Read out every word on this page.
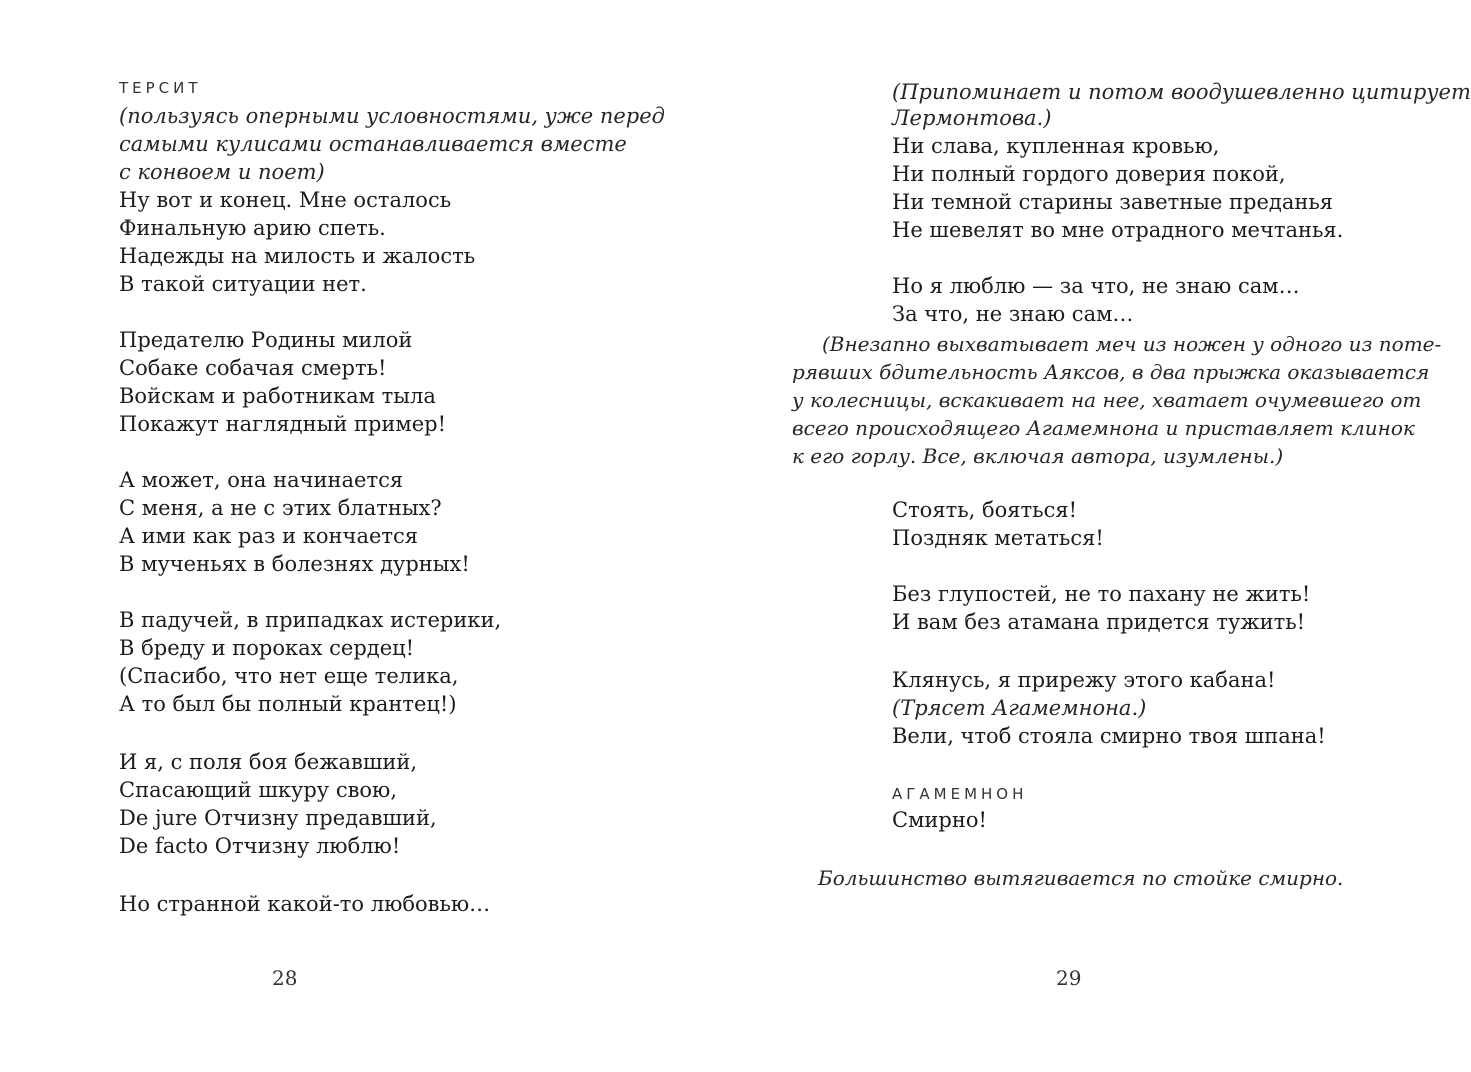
ТЕРСИТ
(пользуясь оперными условностями, уже перед
самыми кулисами останавливается вместе
с конвоем и поет)
Ну вот и конец. Мне осталось
Финальную арию спеть.
Надежды на милость и жалость
В такой ситуации нет.
Предателю Родины милой
Собаке собачая смерть!
Войскам и работникам тыла
Покажут наглядный пример!
А может, она начинается
С меня, а не с этих блатных?
А ими как раз и кончается
В мученьях в болезнях дурных!
В падучей, в припадках истерики,
В бреду и пороках сердец!
(Спасибо, что нет еще телика,
А то был бы полный крантец!)
И я, с поля боя бежавший,
Спасающий шкуру свою,
De jure Отчизну предавший,
De facto Отчизну люблю!
Но странной какой-то любовью…
28
(Припоминает и потом воодушевленно цитирует
Лермонтова.)
Ни слава, купленная кровью,
Ни полный гордого доверия покой,
Ни темной старины заветные преданья
Не шевелят во мне отрадного мечтанья.
Но я люблю — за что, не знаю сам…
За что, не знаю сам…
(Внезапно выхватывает меч из ножен у одного из поте-
рявших бдительность Аяксов, в два прыжка оказывается
у колесницы, вскакивает на нее, хватает очумевшего от
всего происходящего Агамемнона и приставляет клинок
к его горлу. Все, включая автора, изумлены.)
Стоять, бояться!
Поздняк метаться!
Без глупостей, не то пахану не жить!
И вам без атамана придется тужить!
Клянусь, я прирежу этого кабана!
(Трясет Агамемнона.)
Вели, чтоб стояла смирно твоя шпана!
АГАМЕМНОН
Смирно!
Большинство вытягивается по стойке смирно.
29
